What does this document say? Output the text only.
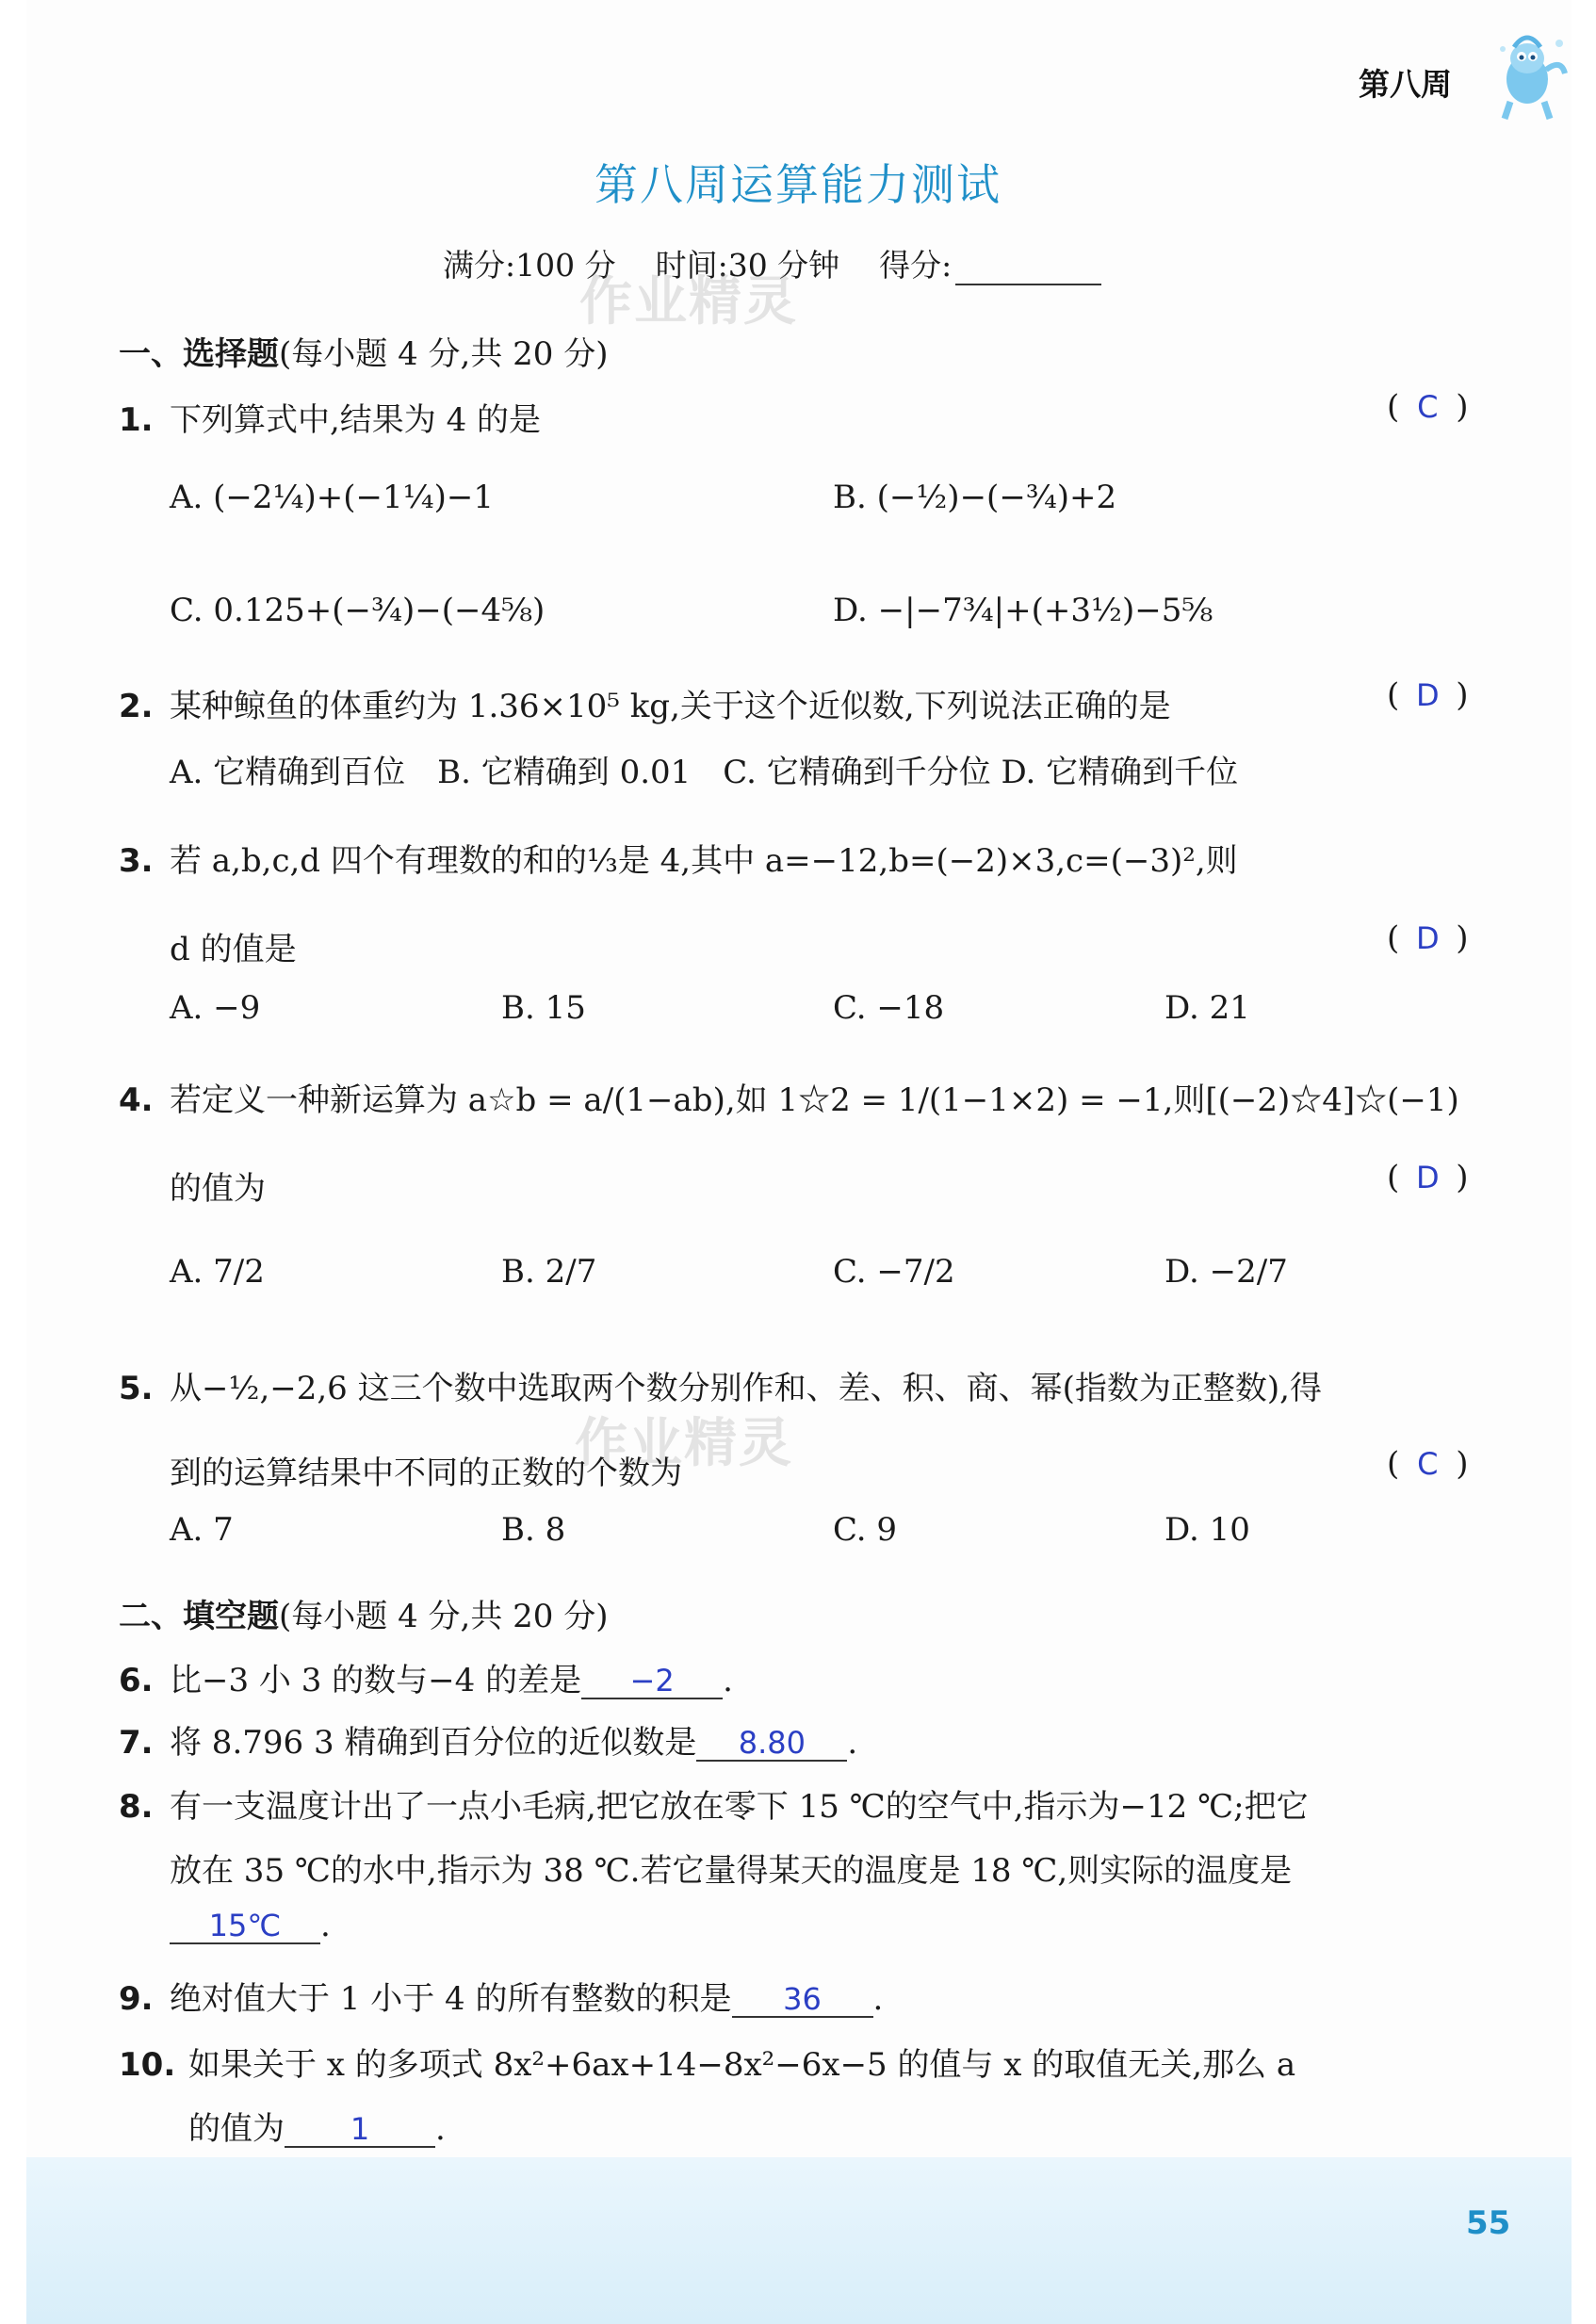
第八周
第八周运算能力测试
满分:100 分 时间:30 分钟 得分:
作业精灵
作业精灵
一、选择题(每小题 4 分,共 20 分)
1. 下列算式中,结果为 4 的是	( C )
A. (−2¼)+(−1¼)−1	B. (−½)−(−¾)+2
C. 0.125+(−¾)−(−4⅝)	D. −|−7¾|+(+3½)−5⅝
2. 某种鲸鱼的体重约为 1.36×10⁵ kg,关于这个近似数,下列说法正确的是	( D )
A. 它精确到百位　B. 它精确到 0.01　C. 它精确到千分位 D. 它精确到千位
3. 若 a,b,c,d 四个有理数的和的⅓是 4,其中 a=−12,b=(−2)×3,c=(−3)²,则
d 的值是	( D )
A. −9	B. 15	C. −18	D. 21
4. 若定义一种新运算为 a☆b = a/(1−ab),如 1☆2 = 1/(1−1×2) = −1,则[(−2)☆4]☆(−1)
的值为	( D )
A. 7/2	B. 2/7	C. −7/2	D. −2/7
5. 从−½,−2,6 这三个数中选取两个数分别作和、差、积、商、幂(指数为正整数),得
到的运算结果中不同的正数的个数为	( C )
A. 7	B. 8	C. 9	D. 10
二、填空题(每小题 4 分,共 20 分)
6. 比−3 小 3 的数与−4 的差是 −2 .
7. 将 8.796 3 精确到百分位的近似数是 8.80 .
8. 有一支温度计出了一点小毛病,把它放在零下 15 ℃的空气中,指示为−12 ℃;把它
放在 35 ℃的水中,指示为 38 ℃.若它量得某天的温度是 18 ℃,则实际的温度是
15℃ .
9. 绝对值大于 1 小于 4 的所有整数的积是 36 .
10. 如果关于 x 的多项式 8x²+6ax+14−8x²−6x−5 的值与 x 的取值无关,那么 a
的值为 1 .
55
